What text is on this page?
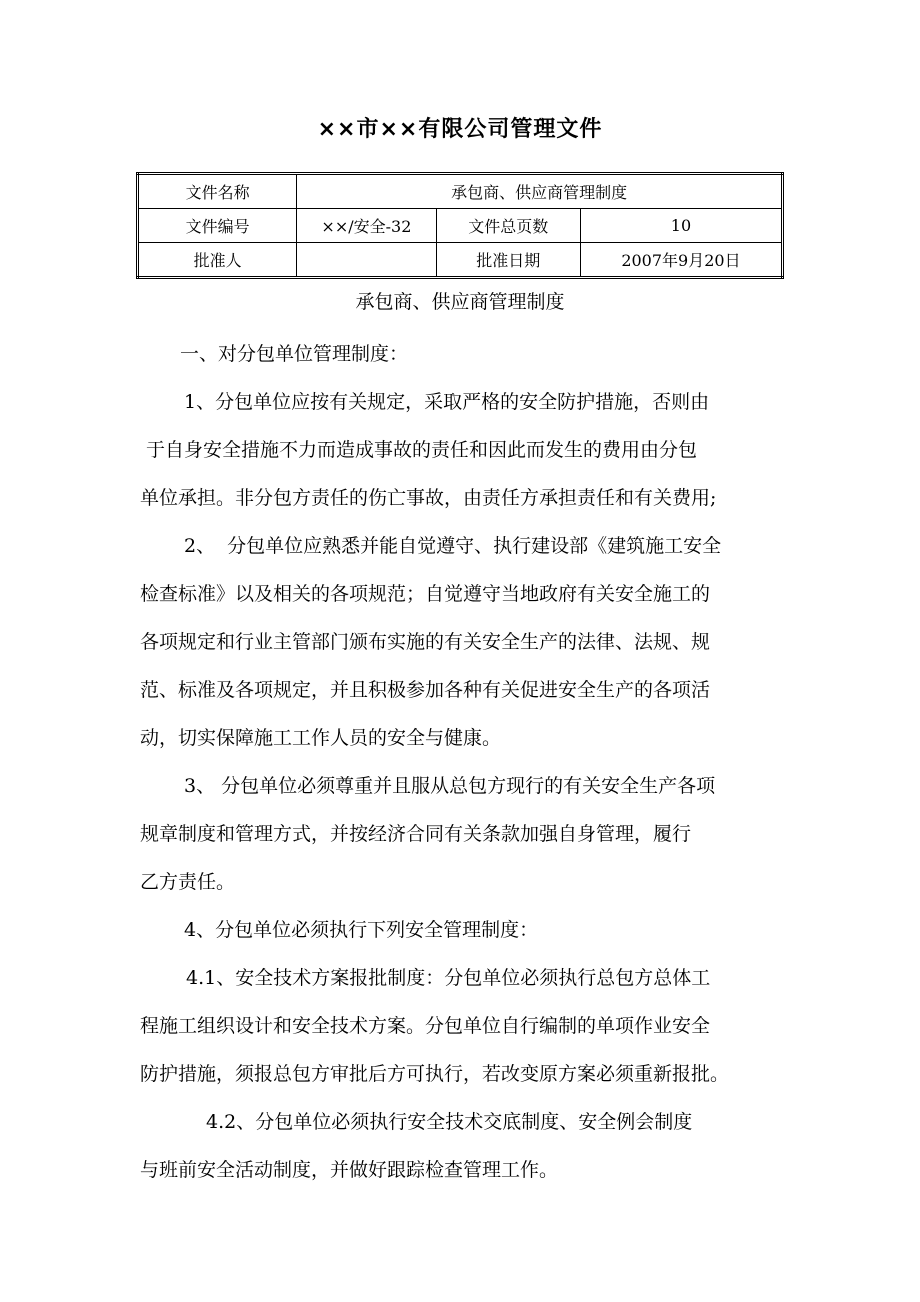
××市××有限公司管理文件
文件名称	承包商、供应商管理制度		
文件编号	××/安全-32	文件总页数	10
批准人		批准日期	2007年9月20日
承包商、供应商管理制度
一、对分包单位管理制度：
1、分包单位应按有关规定，采取严格的安全防护措施，否则由
于自身安全措施不力而造成事故的责任和因此而发生的费用由分包
单位承担。非分包方责任的伤亡事故，由责任方承担责任和有关费用;
2、  分包单位应熟悉并能自觉遵守、执行建设部《建筑施工安全
检查标准》以及相关的各项规范；自觉遵守当地政府有关安全施工的
各项规定和行业主管部门颁布实施的有关安全生产的法律、法规、规
范、标准及各项规定，并且积极参加各种有关促进安全生产的各项活
动，切实保障施工工作人员的安全与健康。
3、 分包单位必须尊重并且服从总包方现行的有关安全生产各项
规章制度和管理方式，并按经济合同有关条款加强自身管理，履行
乙方责任。
4、分包单位必须执行下列安全管理制度：
4.1、安全技术方案报批制度：分包单位必须执行总包方总体工
程施工组织设计和安全技术方案。分包单位自行编制的单项作业安全
防护措施，须报总包方审批后方可执行，若改变原方案必须重新报批。
4.2、分包单位必须执行安全技术交底制度、安全例会制度
与班前安全活动制度，并做好跟踪检查管理工作。
